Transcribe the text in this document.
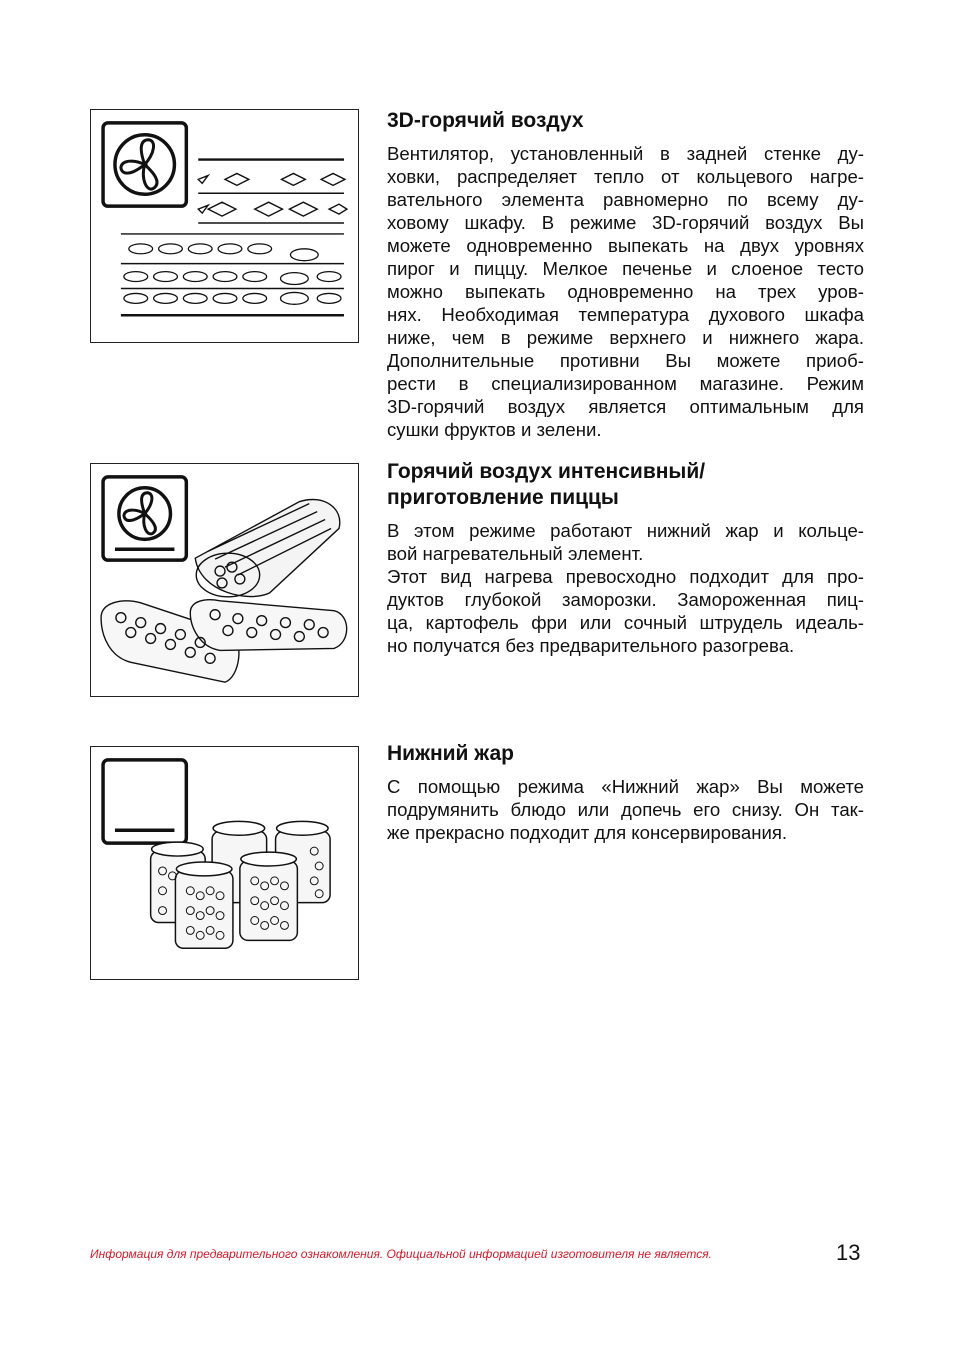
3D-горячий воздух

Вентилятор, установленный в задней стенке ду-

ховки, распределяет тепло от кольцевого нагре-

вательного элемента равномерно по всему ду-

ховому шкафу. В режиме 3D-горячий воздух Вы

можете одновременно выпекать на двух уровнях

пирог и пиццу. Мелкое печенье и слоеное тесто

можно выпекать одновременно на трех уров-

нях. Необходимая температура духового шкафа

ниже, чем в режиме верхнего и нижнего жара.

Дополнительные противни Вы можете приоб-

рести в специализированном магазине. Режим

3D-горячий воздух является оптимальным для

сушки фруктов и зелени.

Горячий воздух интенсивный/
приготовление пиццы

В этом режиме работают нижний жар и кольце-

вой нагревательный элемент.

Этот вид нагрева превосходно подходит для про-

дуктов глубокой заморозки. Замороженная пиц-

ца, картофель фри или сочный штрудель идеаль-

но получатся без предварительного разогрева.

Нижний жар

С помощью режима «Нижний жар» Вы можете

подрумянить блюдо или допечь его снизу. Он так-

же прекрасно подходит для консервирования.

Информация для предварительного ознакомления. Официальной информацией изготовителя не является.	13
